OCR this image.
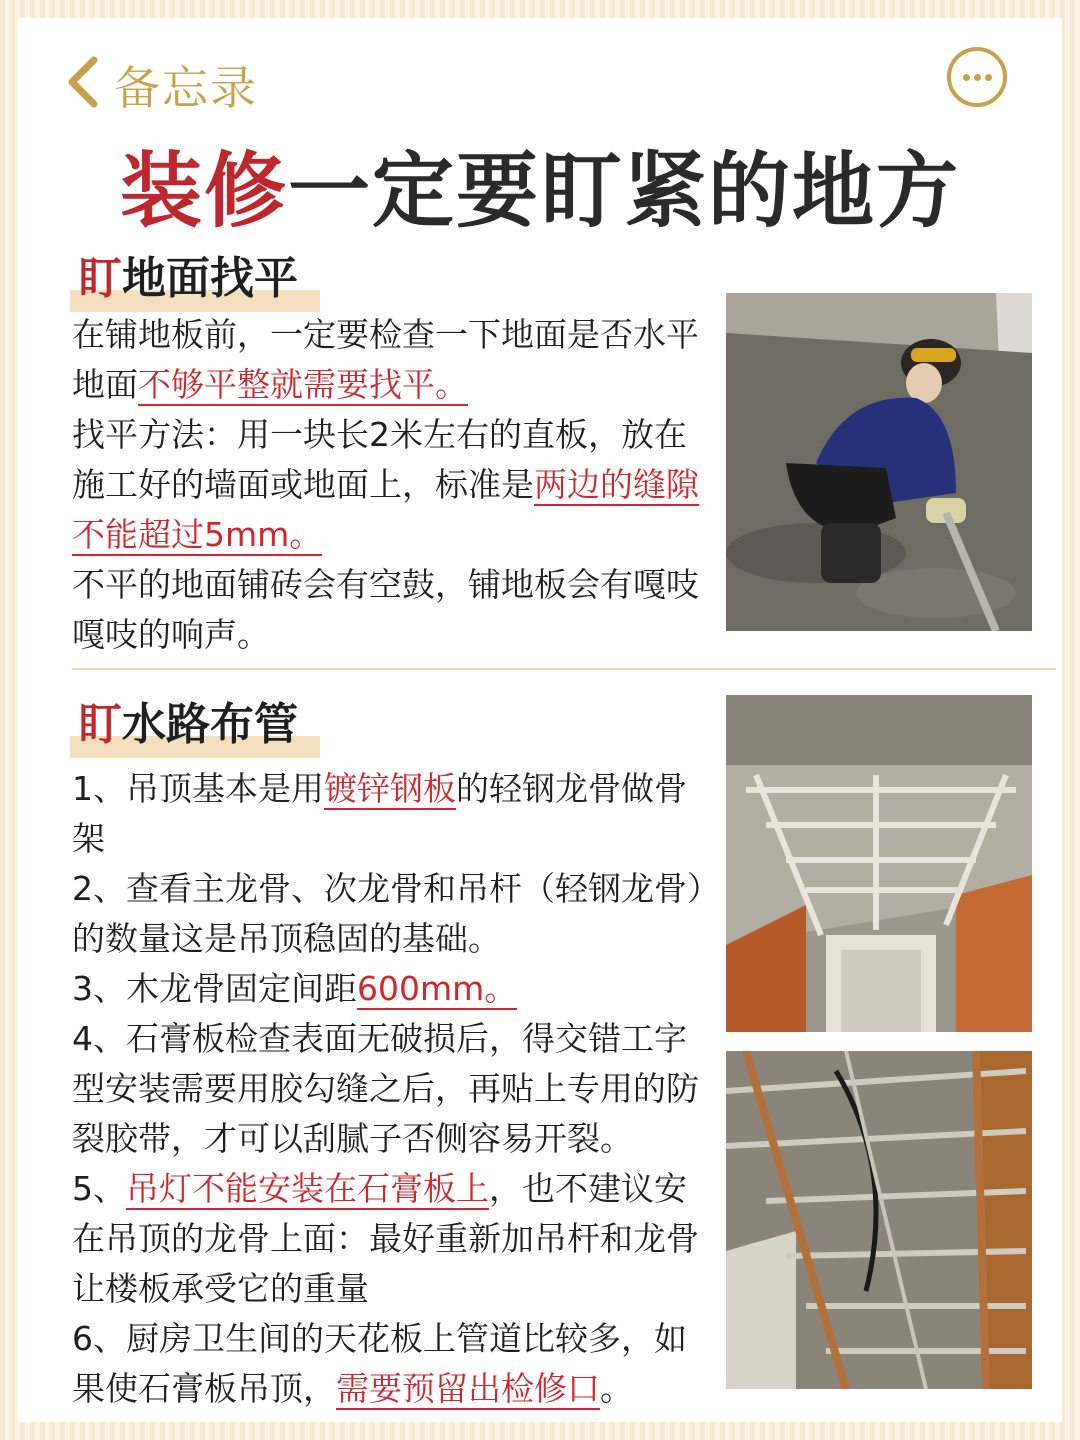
备忘录
装修一定要盯紧的地方
盯地面找平

在铺地板前，一定要检查一下地面是否水平地面不够平整就需要找平。

找平方法：用一块长2米左右的直板，放在施工好的墙面或地面上，标准是两边的缝隙不能超过5mm。

不平的地面铺砖会有空鼓，铺地板会有嘎吱嘎吱的响声。

盯水路布管

1、吊顶基本是用镀锌钢板的轻钢龙骨做骨架

2、查看主龙骨、次龙骨和吊杆（轻钢龙骨）的数量这是吊顶稳固的基础。

3、木龙骨固定间距600mm。

4、石膏板检查表面无破损后，得交错工字型安装需要用胶勾缝之后，再贴上专用的防裂胶带，才可以刮腻子否侧容易开裂。

5、吊灯不能安装在石膏板上，也不建议安在吊顶的龙骨上面：最好重新加吊杆和龙骨让楼板承受它的重量

6、厨房卫生间的天花板上管道比较多，如果使石膏板吊顶，需要预留出检修口。
